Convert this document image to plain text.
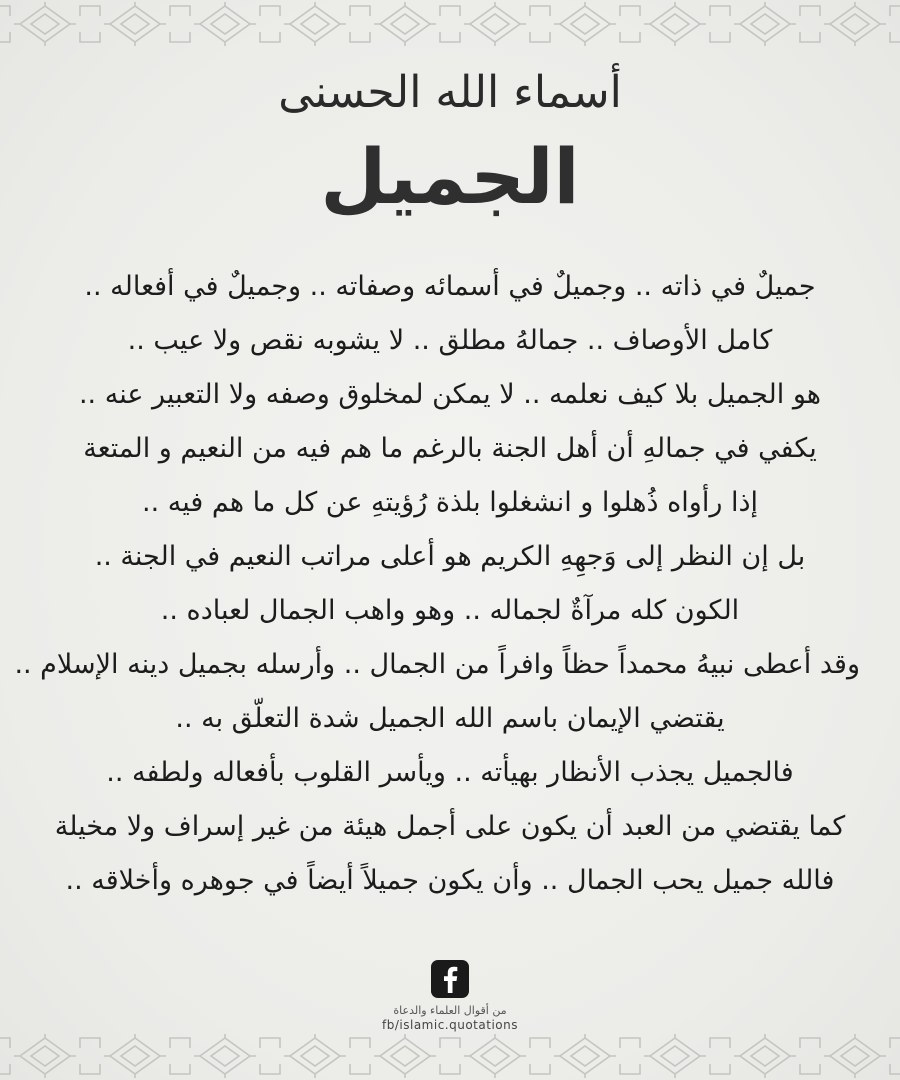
أسماء الله الحسنى
الجميل
جميلٌ في ذاته .. وجميلٌ في أسمائه وصفاته .. وجميلٌ في أفعاله ..
كامل الأوصاف .. جمالهُ مطلق .. لا يشوبه نقص ولا عيب ..
هو الجميل بلا كيف نعلمه .. لا يمكن لمخلوق وصفه ولا التعبير عنه ..
يكفي في جمالهِ أن أهل الجنة بالرغم ما هم فيه من النعيم و المتعة
إذا رأواه ذُهلوا و انشغلوا بلذة رُؤيتهِ عن كل ما هم فيه ..
بل إن النظر إلى وَجهِهِ الكريم هو أعلى مراتب النعيم في الجنة ..
الكون كله مرآةٌ لجماله .. وهو واهب الجمال لعباده ..
وقد أعطى نبيهُ محمداً حظاً وافراً من الجمال .. وأرسله بجميل دينه الإسلام ..
يقتضي الإيمان باسم الله الجميل شدة التعلّق به ..
فالجميل يجذب الأنظار بهيأته .. ويأسر القلوب بأفعاله ولطفه ..
كما يقتضي من العبد أن يكون على أجمل هيئة من غير إسراف ولا مخيلة
فالله جميل يحب الجمال .. وأن يكون جميلاً أيضاً في جوهره وأخلاقه ..
من أقوال العلماء والدعاة
fb/islamic.quotations
